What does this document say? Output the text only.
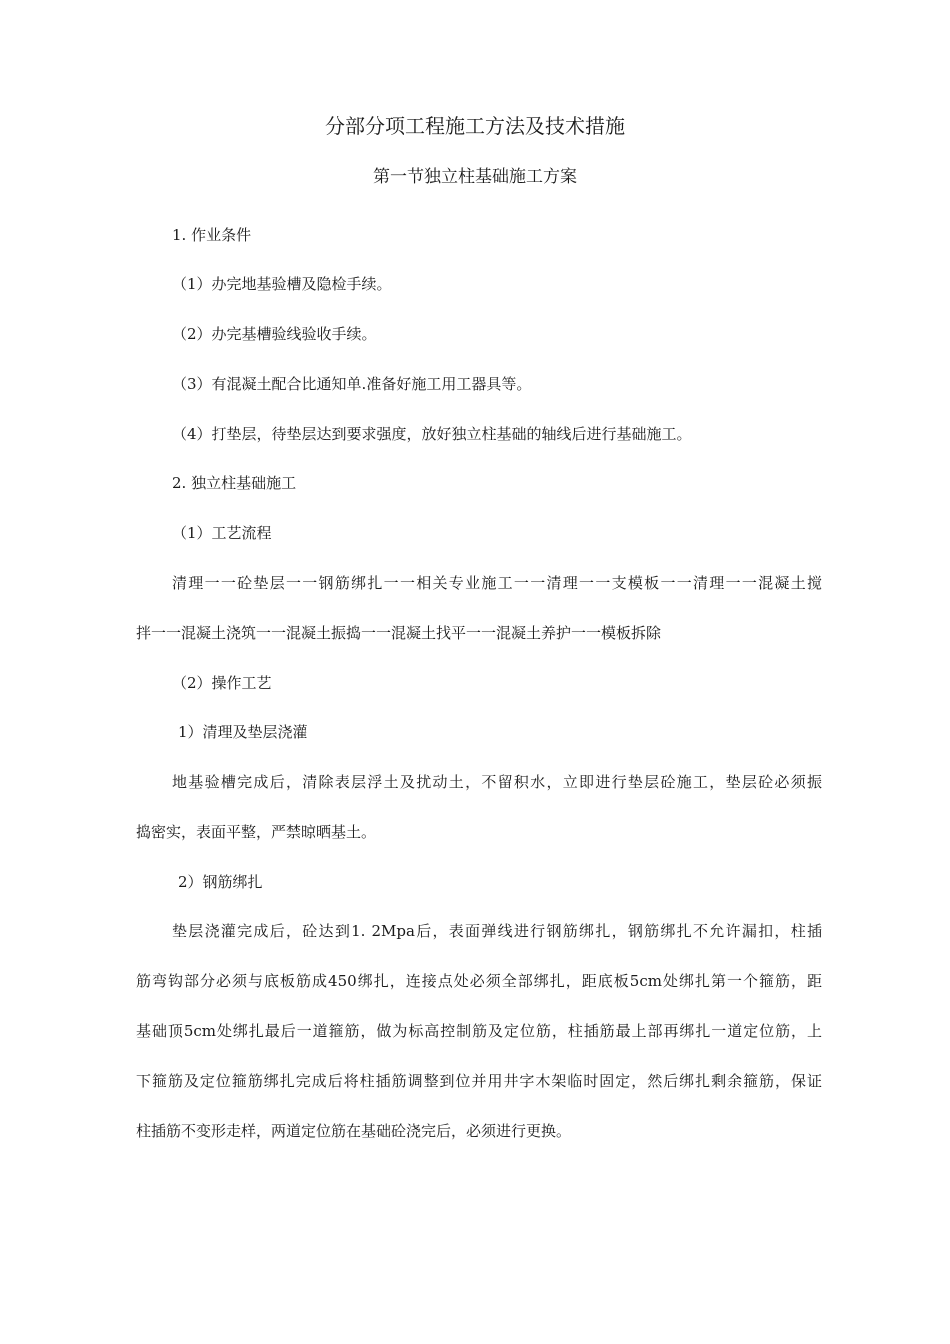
分部分项工程施工方法及技术措施
第一节独立柱基础施工方案
1. 作业条件
（1）办完地基验槽及隐检手续。
（2）办完基槽验线验收手续。
（3）有混凝土配合比通知单.准备好施工用工器具等。
（4）打垫层，待垫层达到要求强度，放好独立柱基础的轴线后进行基础施工。
2. 独立柱基础施工
（1）工艺流程
清理一一砼垫层一一钢筋绑扎一一相关专业施工一一清理一一支模板一一清理一一混凝土搅
拌一一混凝土浇筑一一混凝土振捣一一混凝土找平一一混凝土养护一一模板拆除
（2）操作工艺
1）清理及垫层浇灌
地基验槽完成后，清除表层浮土及扰动土，不留积水，立即进行垫层砼施工，垫层砼必须振
捣密实，表面平整，严禁晾晒基土。
2）钢筋绑扎
垫层浇灌完成后，砼达到1. 2Mpa后，表面弹线进行钢筋绑扎，钢筋绑扎不允许漏扣，柱插
筋弯钩部分必须与底板筋成450绑扎，连接点处必须全部绑扎，距底板5cm处绑扎第一个箍筋，距
基础顶5cm处绑扎最后一道箍筋，做为标高控制筋及定位筋，柱插筋最上部再绑扎一道定位筋，上
下箍筋及定位箍筋绑扎完成后将柱插筋调整到位并用井字木架临时固定，然后绑扎剩余箍筋，保证
柱插筋不变形走样，两道定位筋在基础砼浇完后，必须进行更换。
